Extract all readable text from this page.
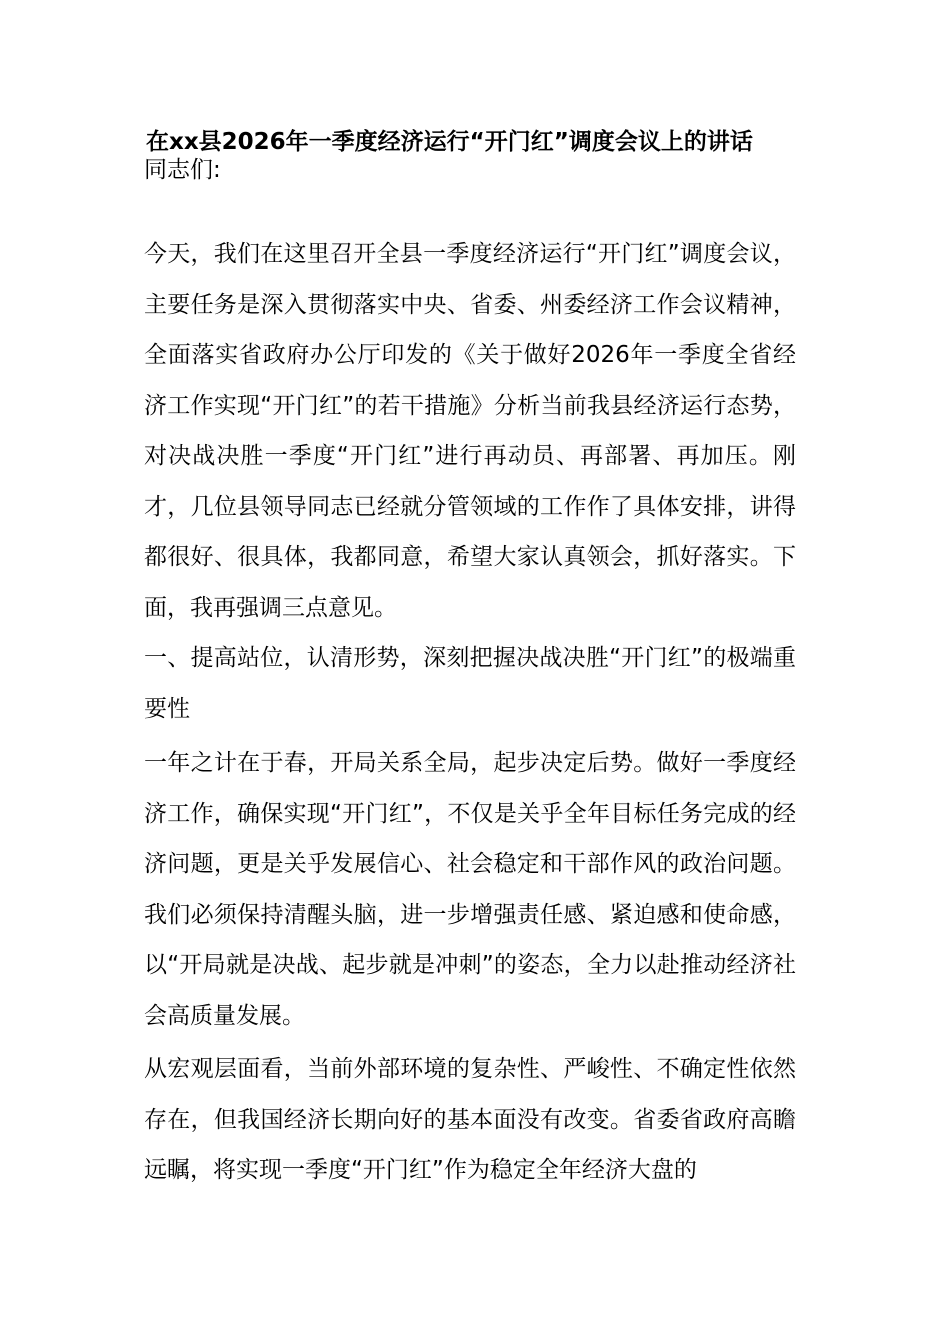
在xx县2026年一季度经济运行“开门红”调度会议上的讲话

同志们:

今天，我们在这里召开全县一季度经济运行“开门红”调度会议，主要任务是深入贯彻落实中央、省委、州委经济工作会议精神，全面落实省政府办公厅印发的《关于做好2026年一季度全省经济工作实现“开门红”的若干措施》分析当前我县经济运行态势，对决战决胜一季度“开门红”进行再动员、再部署、再加压。刚才，几位县领导同志已经就分管领域的工作作了具体安排，讲得都很好、很具体，我都同意，希望大家认真领会，抓好落实。下面，我再强调三点意见。

一、提高站位，认清形势，深刻把握决战决胜“开门红”的极端重要性

一年之计在于春，开局关系全局，起步决定后势。做好一季度经济工作，确保实现“开门红”，不仅是关乎全年目标任务完成的经济问题，更是关乎发展信心、社会稳定和干部作风的政治问题。我们必须保持清醒头脑，进一步增强责任感、紧迫感和使命感，以“开局就是决战、起步就是冲刺”的姿态，全力以赴推动经济社会高质量发展。

从宏观层面看，当前外部环境的复杂性、严峻性、不确定性依然存在，但我国经济长期向好的基本面没有改变。省委省政府高瞻远瞩，将实现一季度“开门红”作为稳定全年经济大盘的
